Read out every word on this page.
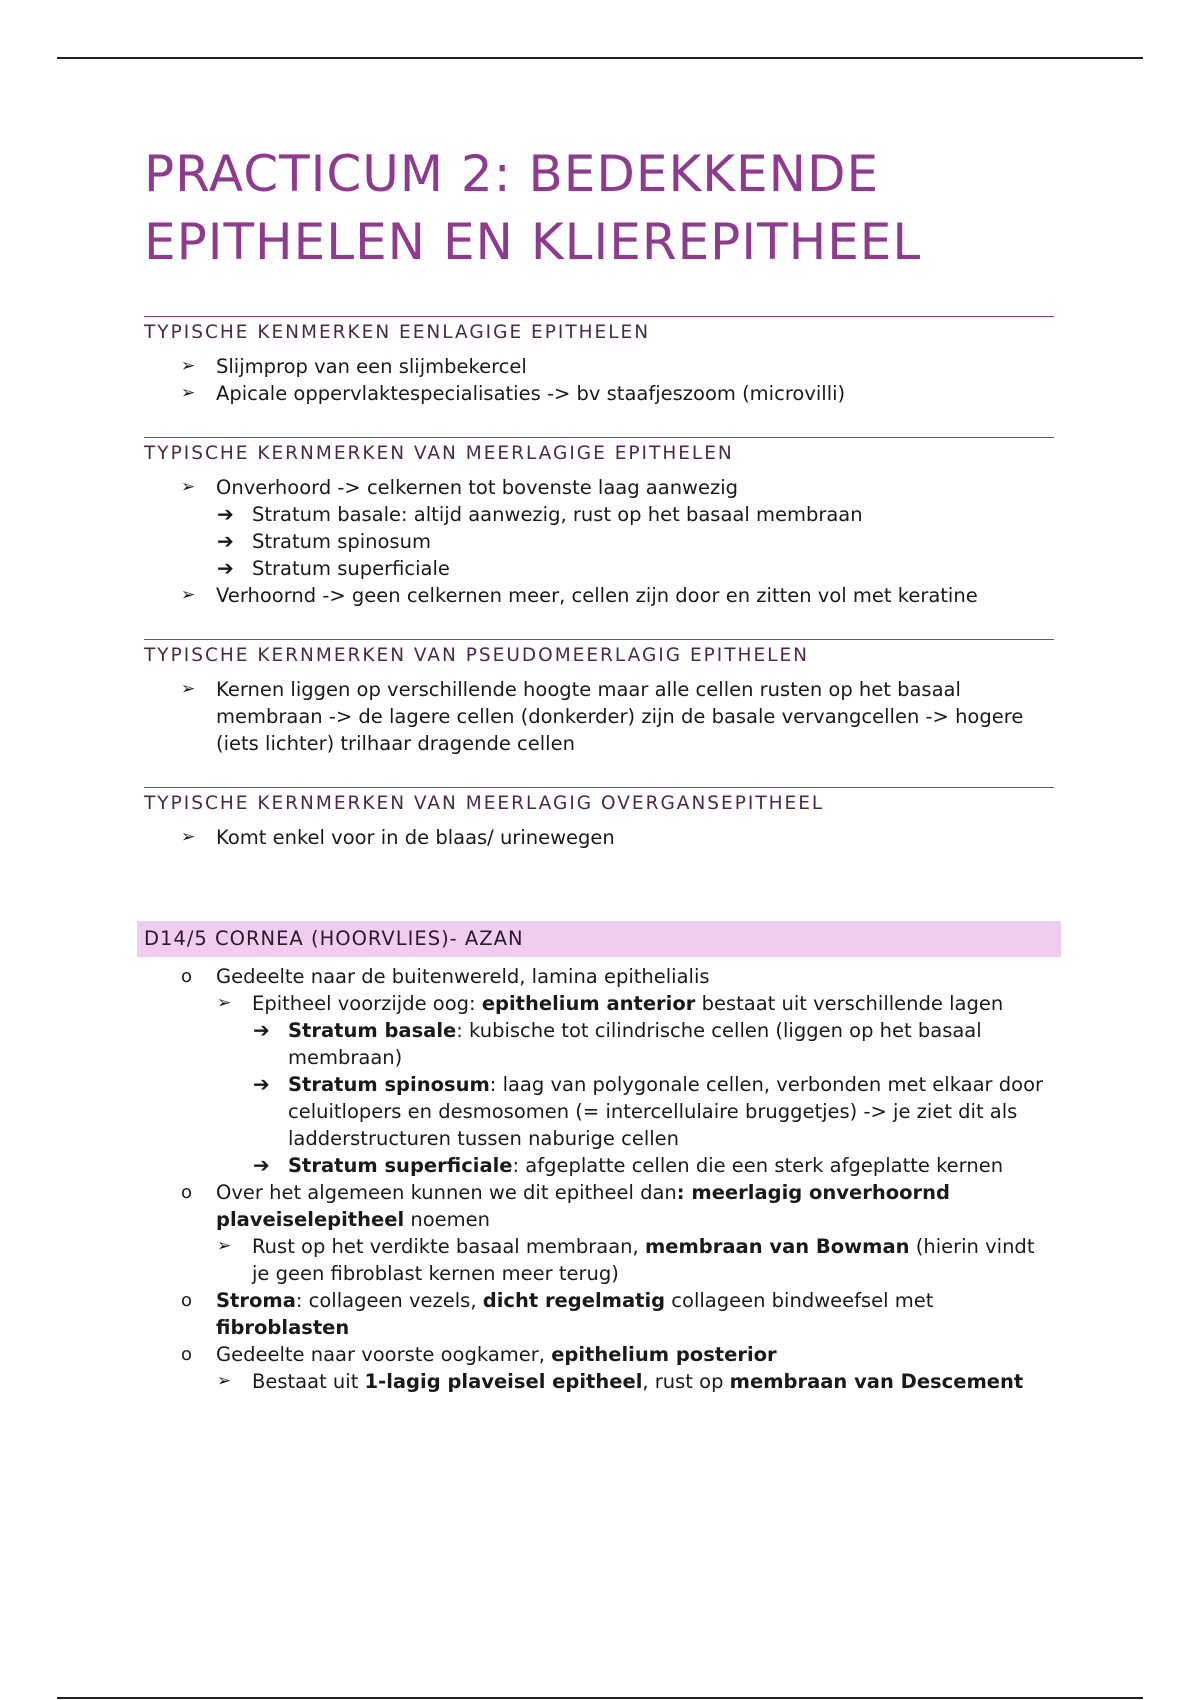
PRACTICUM 2: BEDEKKENDE
EPITHELEN EN KLIEREPITHEEL
TYPISCHE KENMERKEN EENLAGIGE EPITHELEN
➢ Slijmprop van een slijmbekercel
➢ Apicale oppervlaktespecialisaties -> bv staafjeszoom (microvilli)
TYPISCHE KERNMERKEN VAN MEERLAGIGE EPITHELEN
➢ Onverhoord -> celkernen tot bovenste laag aanwezig
➔ Stratum basale: altijd aanwezig, rust op het basaal membraan
➔ Stratum spinosum
➔ Stratum superficiale
➢ Verhoornd -> geen celkernen meer, cellen zijn door en zitten vol met keratine
TYPISCHE KERNMERKEN VAN PSEUDOMEERLAGIG EPITHELEN
➢ Kernen liggen op verschillende hoogte maar alle cellen rusten op het basaal membraan -> de lagere cellen (donkerder) zijn de basale vervangcellen -> hogere (iets lichter) trilhaar dragende cellen
TYPISCHE KERNMERKEN VAN MEERLAGIG OVERGANSEPITHEEL
➢ Komt enkel voor in de blaas/ urinewegen
D14/5 CORNEA (HOORVLIES)- AZAN
o Gedeelte naar de buitenwereld, lamina epithelialis
➢ Epitheel voorzijde oog: epithelium anterior bestaat uit verschillende lagen
➔ Stratum basale: kubische tot cilindrische cellen (liggen op het basaal membraan)
➔ Stratum spinosum: laag van polygonale cellen, verbonden met elkaar door celuitlopers en desmosomen (= intercellulaire bruggetjes) -> je ziet dit als ladderstructuren tussen naburige cellen
➔ Stratum superficiale: afgeplatte cellen die een sterk afgeplatte kernen
o Over het algemeen kunnen we dit epitheel dan: meerlagig onverhoornd plaveiselepitheel noemen
➢ Rust op het verdikte basaal membraan, membraan van Bowman (hierin vindt je geen fibroblast kernen meer terug)
o Stroma: collageen vezels, dicht regelmatig collageen bindweefsel met fibroblasten
o Gedeelte naar voorste oogkamer, epithelium posterior
➢ Bestaat uit 1-lagig plaveisel epitheel, rust op membraan van Descement
